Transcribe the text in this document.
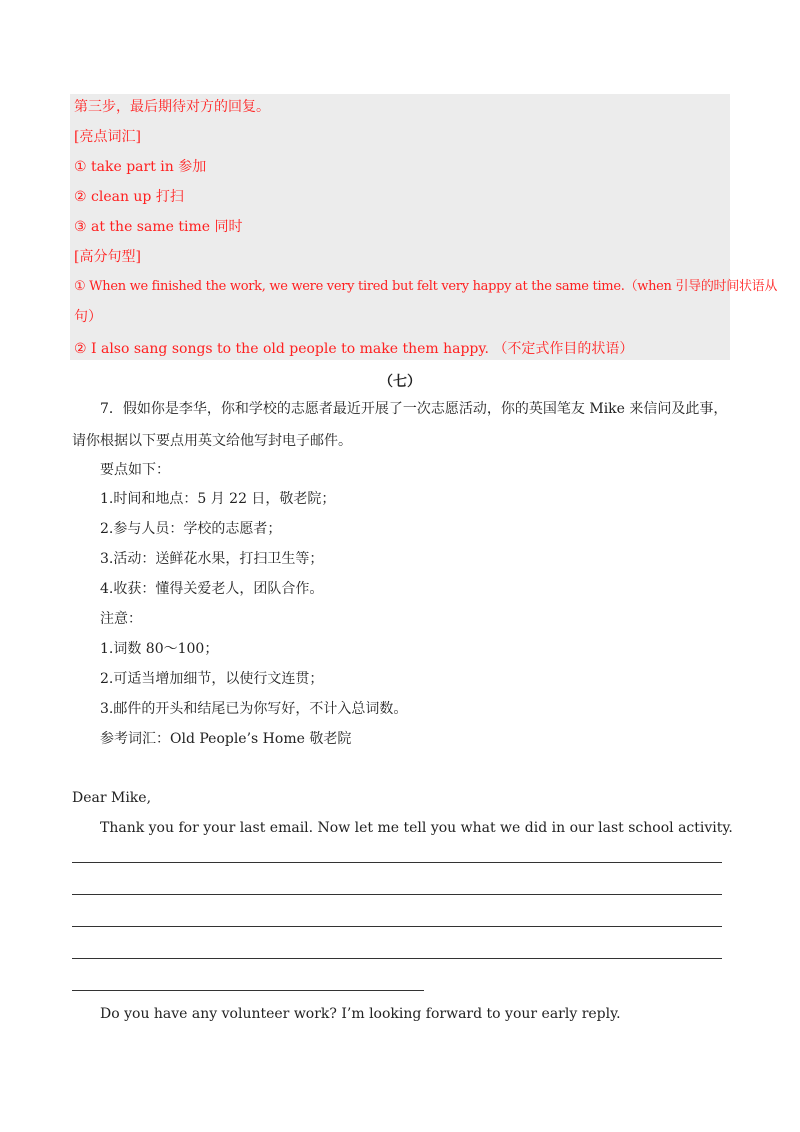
第三步，最后期待对方的回复。
[亮点词汇]
① take part in 参加
② clean up 打扫
③ at the same time 同时
[高分句型]
① When we finished the work, we were very tired but felt very happy at the same time.（when 引导的时间状语从
句）
② I also sang songs to the old people to make them happy. （不定式作目的状语）
（七）
7．假如你是李华，你和学校的志愿者最近开展了一次志愿活动，你的英国笔友 Mike 来信问及此事，
请你根据以下要点用英文给他写封电子邮件。
要点如下：
1.时间和地点：5 月 22 日，敬老院；
2.参与人员：学校的志愿者；
3.活动：送鲜花水果，打扫卫生等；
4.收获：懂得关爱老人，团队合作。
注意：
1.词数 80～100；
2.可适当增加细节，以使行文连贯；
3.邮件的开头和结尾已为你写好，不计入总词数。
参考词汇：Old People’s Home 敬老院
Dear Mike,
Thank you for your last email. Now let me tell you what we did in our last school activity.
Do you have any volunteer work? I’m looking forward to your early reply.
